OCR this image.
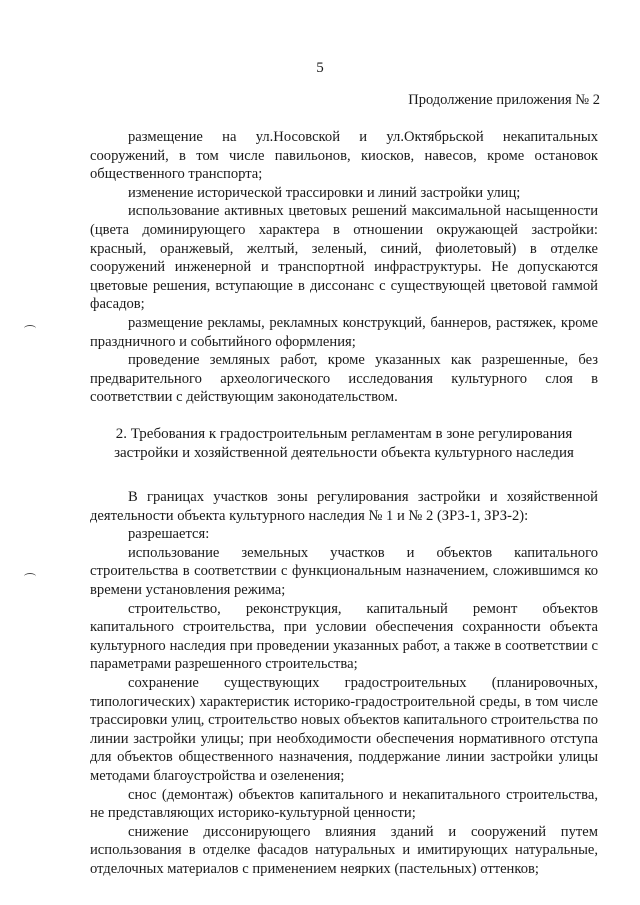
5
Продолжение приложения № 2

размещение на ул.Носовской и ул.Октябрьской некапитальных сооружений, в том числе павильонов, киосков, навесов, кроме остановок общественного транспорта;

изменение исторической трассировки и линий застройки улиц;

использование активных цветовых решений максимальной насыщенности (цвета доминирующего характера в отношении окружающей застройки: красный, оранжевый, желтый, зеленый, синий, фиолетовый) в отделке сооружений инженерной и транспортной инфраструктуры. Не допускаются цветовые решения, вступающие в диссонанс с существующей цветовой гаммой фасадов;

размещение рекламы, рекламных конструкций, баннеров, растяжек, кроме праздничного и событийного оформления;

проведение земляных работ, кроме указанных как разрешенные, без предварительного археологического исследования культурного слоя в соответствии с действующим законодательством.

2. Требования к градостроительным регламентам в зоне регулирования
застройки и хозяйственной деятельности объекта культурного наследия

В границах участков зоны регулирования застройки и хозяйственной деятельности объекта культурного наследия № 1 и № 2 (ЗРЗ-1, ЗРЗ-2):

разрешается:

использование земельных участков и объектов капитального строительства в соответствии с функциональным назначением, сложившимся ко времени установления режима;

строительство, реконструкция, капитальный ремонт объектов капитального строительства, при условии обеспечения сохранности объекта культурного наследия при проведении указанных работ, а также в соответствии с параметрами разрешенного строительства;

сохранение существующих градостроительных (планировочных, типологических) характеристик историко-градостроительной среды, в том числе трассировки улиц, строительство новых объектов капитального строительства по линии застройки улицы; при необходимости обеспечения нормативного отступа для объектов общественного назначения, поддержание линии застройки улицы методами благоустройства и озеленения;

снос (демонтаж) объектов капитального и некапитального строительства, не представляющих историко-культурной ценности;

снижение диссонирующего влияния зданий и сооружений путем использования в отделке фасадов натуральных и имитирующих натуральные, отделочных материалов с применением неярких (пастельных) оттенков;
